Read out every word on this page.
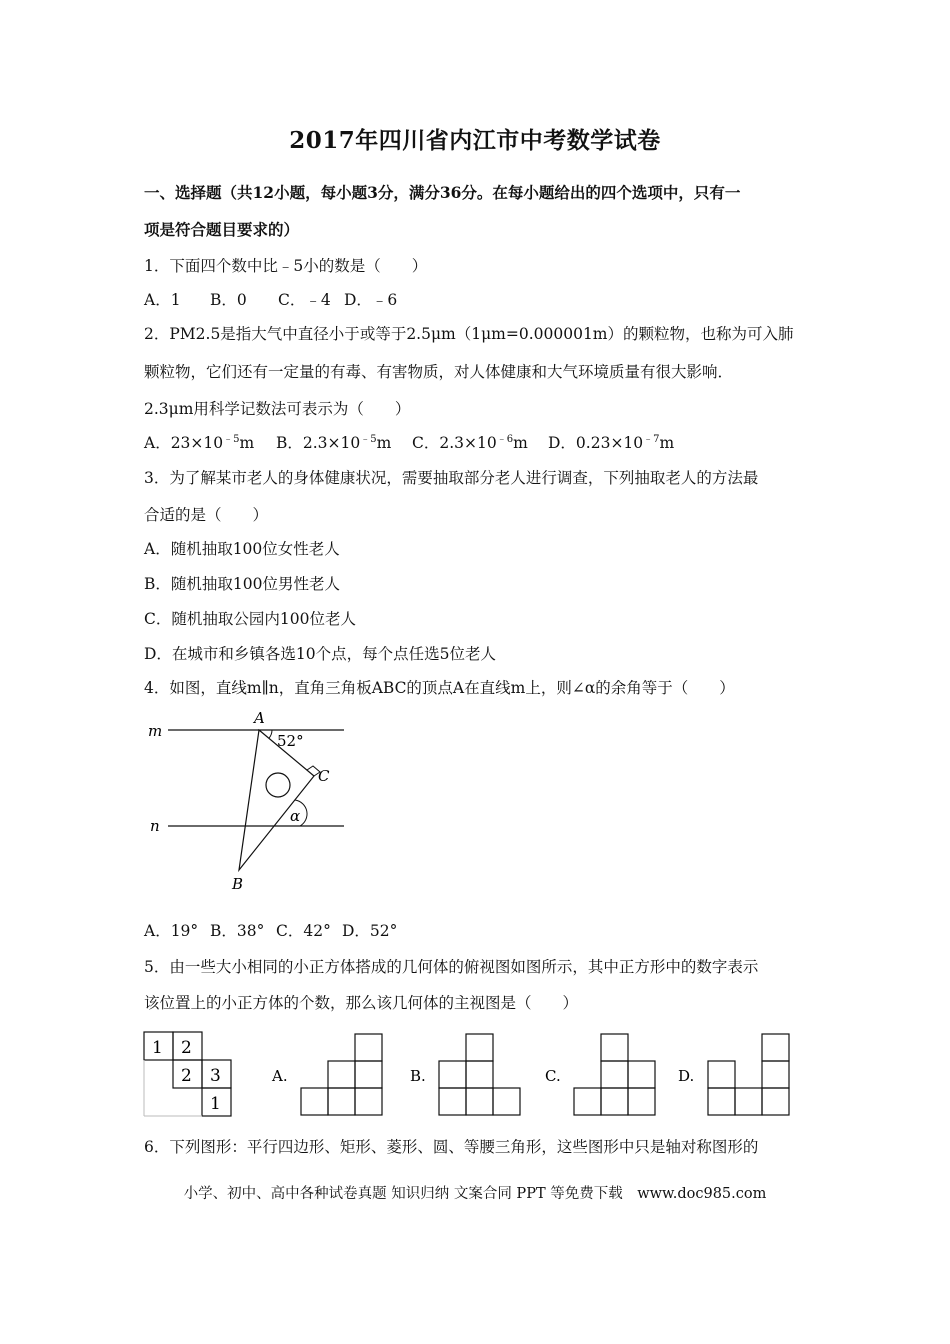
2017年四川省内江市中考数学试卷
一、选择题（共12小题，每小题3分，满分36分。在每小题给出的四个选项中，只有一
项是符合题目要求的）
1．下面四个数中比﹣5小的数是（　　）
A．1 B．0 C．﹣4 D．﹣6
2．PM2.5是指大气中直径小于或等于2.5μm（1μm=0.000001m）的颗粒物，也称为可入肺
颗粒物，它们还有一定量的有毒、有害物质，对人体健康和大气环境质量有很大影响．
2.3μm用科学记数法可表示为（　　）
A．$23\times 10^{﹣5}m$ B．$2.3\times 10^{﹣5}m$ C．$2.3\times 10^{﹣6}m$ D．$0.23\times 10^{﹣7}m$
3．为了解某市老人的身体健康状况，需要抽取部分老人进行调查，下列抽取老人的方法最
合适的是（　　）
A．随机抽取100位女性老人
B．随机抽取100位男性老人
C．随机抽取公园内100位老人
D．在城市和乡镇各选10个点，每个点任选5位老人
4．如图，直线m∥n，直角三角板ABC的顶点A在直线m上，则∠α的余角等于（　　）
m
n
A
52°
C
α
B
A．19° B．38° C．42° D．52°
5．由一些大小相同的小正方体搭成的几何体的俯视图如图所示，其中正方形中的数字表示
该位置上的小正方体的个数，那么该几何体的主视图是（　　）
1 2
2 3
1
A.	B.	C.	D.
6．下列图形：平行四边形、矩形、菱形、圆、等腰三角形，这些图形中只是轴对称图形的
小学、初中、高中各种试卷真题 知识归纳 文案合同 PPT 等免费下载　www.doc985.com
